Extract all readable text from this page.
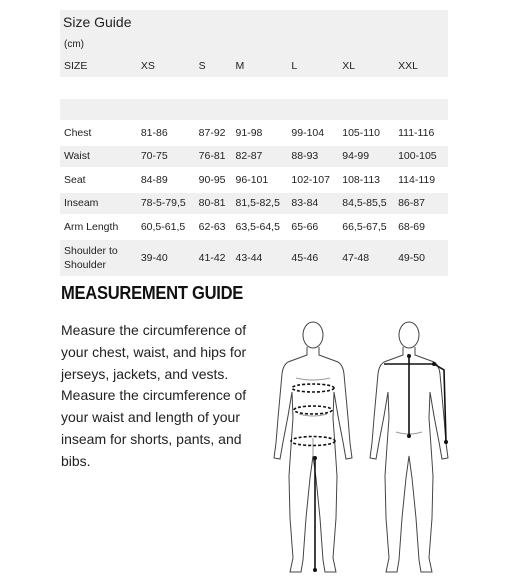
Size Guide
(cm)
SIZE	XS	S	M	L	XL	XXL

Chest	81-86	87-92	91-98	99-104	105-110	111-116
Waist	70-75	76-81	82-87	88-93	94-99	100-105
Seat	84-89	90-95	96-101	102-107	108-113	114-119
Inseam	78-5-79,5	80-81	81,5-82,5	83-84	84,5-85,5	86-87
Arm Length	60,5-61,5	62-63	63,5-64,5	65-66	66,5-67,5	68-69
Shoulder to
Shoulder	39-40	41-42	43-44	45-46	47-48	49-50
MEASUREMENT GUIDE
Measure the circumference of your chest, waist, and hips for jerseys, jackets, and vests. Measure the circumference of your waist and length of your inseam for shorts, pants, and bibs.
